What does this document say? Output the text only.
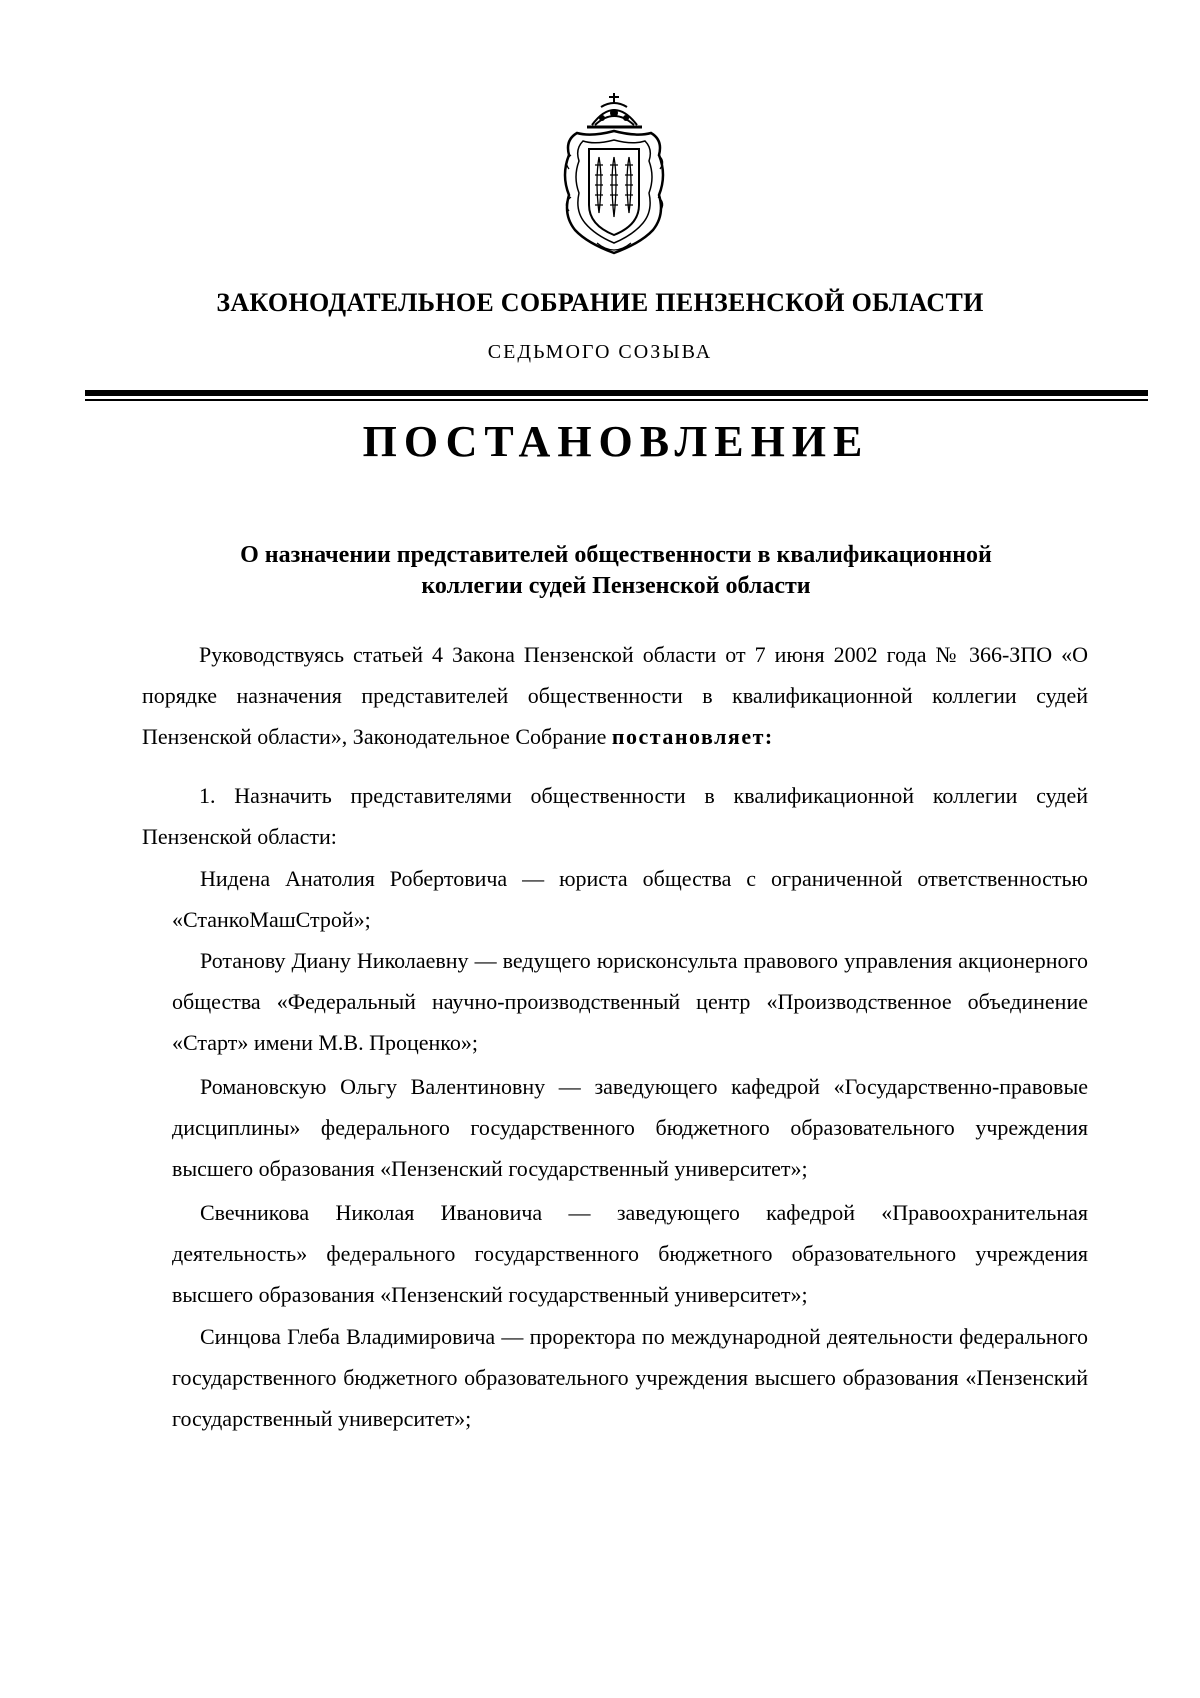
ЗАКОНОДАТЕЛЬНОЕ СОБРАНИЕ ПЕНЗЕНСКОЙ ОБЛАСТИ
СЕДЬМОГО СОЗЫВА
ПОСТАНОВЛЕНИЕ
О назначении представителей общественности в квалификационной
коллегии судей Пензенской области
Руководствуясь статьей 4 Закона Пензенской области от 7 июня 2002 года № 366-ЗПО «О порядке назначения представителей общественности в квалификационной коллегии судей Пензенской области», Законодательное Собрание постановляет:
1. Назначить представителями общественности в квалификационной коллегии судей Пензенской области:
Нидена Анатолия Робертовича — юриста общества с ограниченной ответственностью «СтанкоМашСтрой»;
Ротанову Диану Николаевну — ведущего юрисконсульта правового управления акционерного общества «Федеральный научно-производственный центр «Производственное объединение «Старт» имени М.В. Проценко»;
Романовскую Ольгу Валентиновну — заведующего кафедрой «Государственно-правовые дисциплины» федерального государственного бюджетного образовательного учреждения высшего образования «Пензенский государственный университет»;
Свечникова Николая Ивановича — заведующего кафедрой «Правоохранительная деятельность» федерального государственного бюджетного образовательного учреждения высшего образования «Пензенский государственный университет»;
Синцова Глеба Владимировича — проректора по международной деятельности федерального государственного бюджетного образовательного учреждения высшего образования «Пензенский государственный университет»;
